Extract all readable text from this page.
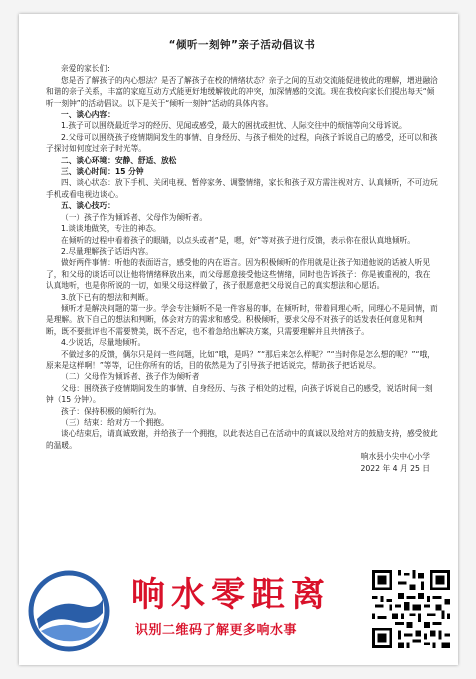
“倾听一刻钟”亲子活动倡议书

亲爱的家长们:

您是否了解孩子的内心想法？是否了解孩子在校的情绪状态？亲子之间的互动交流能促进彼此的理解，增进融洽和谐的亲子关系，丰富的家庭互动方式能更好地缓解彼此的冲突，加深情感的交流。现在我校向家长们提出每天“倾听一刻钟”的活动倡议。以下是关于“倾听一刻钟”活动的具体内容。

一、谈心内容：

1.孩子可以围绕最近学习的经历、见闻或感受，最大的困扰或担忧、人际交往中的烦恼等向父母诉说。

2.父母可以围绕孩子疫情期间发生的事情、自身经历、与孩子相处的过程，向孩子诉说自己的感受，还可以和孩子探讨如何度过亲子时光等。

二、谈心环境：安静、舒适、放松

三、谈心时间：15 分钟

四、谈心状态：放下手机、关闭电视、暂停家务、调整情绪，家长和孩子双方需注视对方、认真倾听，不可边玩手机或看电视边谈心。

五、谈心技巧：

（一）孩子作为倾诉者、父母作为倾听者。

1.谈谈地做笑，专注的神态。

在倾听的过程中看着孩子的眼睛，以点头或者“是，嗯，好”等对孩子进行反馈，表示你在很认真地倾听。

2.尽量理解孩子话语内容。

做好两件事情：听他的表面语言，感受他的内在语言。因为积极倾听的作用就是让孩子知道他说的话被人听见了，和父母的谈话可以让他将情绪释放出来，而父母愿意接受他这些情绪，同时也告诉孩子：你是被重视的，我在认真地听，也是你所说的一切，如果父母这样做了，孩子很愿意把父母说自己的真实想法和心愿话。

3.放下已有的想法和判断。

倾听才是解决问题的第一步。学会专注倾听不是一件容易的事，在倾听时，带着同理心听，同理心不是同情，而是理解。放下自己的想法和判断，体会对方的需求和感受。积极倾听，要求父母不对孩子的话发表任何意见和判断，既不要批评也不需要赞美，既不否定，也不着急给出解决方案，只需要理解并且共情孩子。

4.少说话，尽量地倾听。

不做过多的反馈，偶尔只是问一些问题，比如“哦，是吗？”“那后来怎么样呢？”“当时你是怎么想的呢？”“哦，原来是这样啊！”等等，记住你所有的话，目的依然是为了引导孩子把话说完，帮助孩子把话说尽。

（二）父母作为倾诉者、孩子作为倾听者

父母：围绕孩子疫情期间发生的事情、自身经历、与孩 子相处的过程，向孩子诉说自己的感受，说话时间一刻钟（15 分钟）。

孩子：保持积极的倾听行为。

（三）结束：给对方一个拥抱。

谈心结束后，请真诚致谢，并给孩子一个拥抱，以此表达自己在活动中的真诚以及给对方的鼓励支持，感受彼此的温暖。

响水县小尖中心小学

2022 年 4 月 25 日

响水零距离
识别二维码了解更多响水事
